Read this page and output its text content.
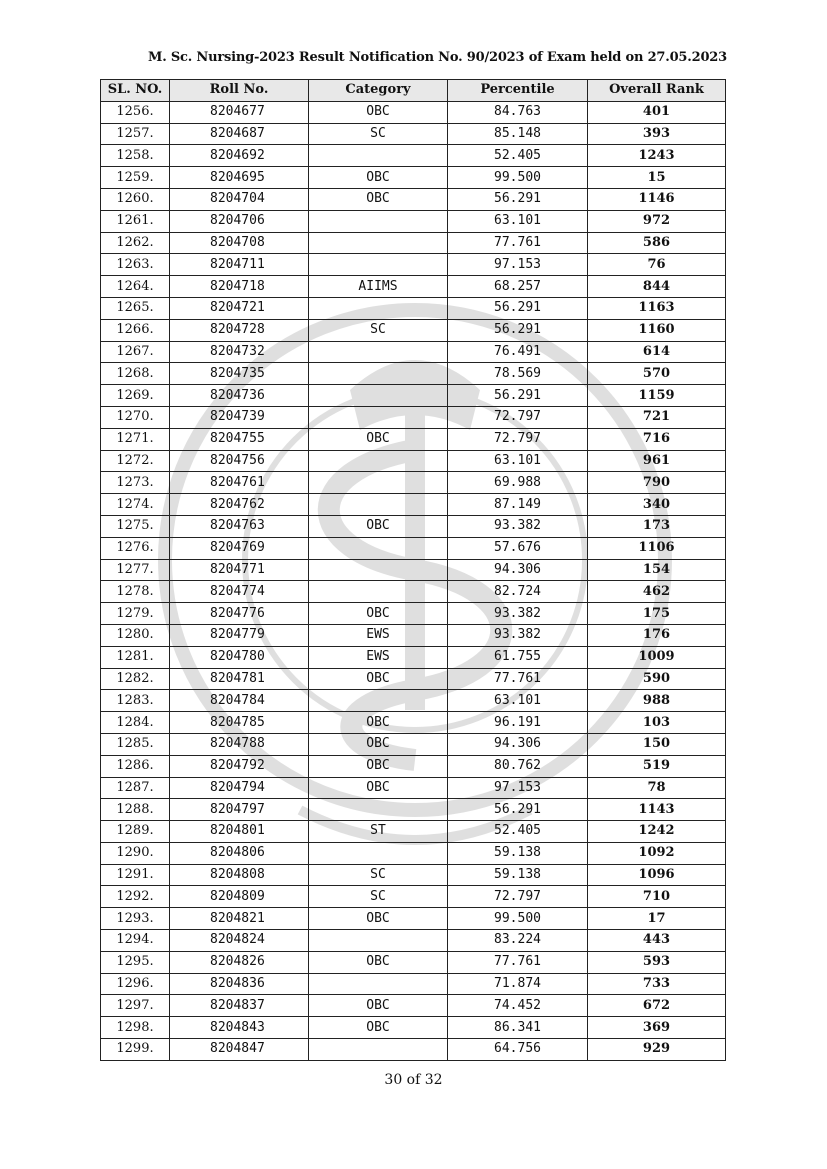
M. Sc. Nursing-2023 Result Notification No. 90/2023 of Exam held on 27.05.2023
SL. NO.	Roll No.	Category	Percentile	Overall Rank
1256.	8204677	OBC	84.763	401
1257.	8204687	SC	85.148	393
1258.	8204692		52.405	1243
1259.	8204695	OBC	99.500	15
1260.	8204704	OBC	56.291	1146
1261.	8204706		63.101	972
1262.	8204708		77.761	586
1263.	8204711		97.153	76
1264.	8204718	AIIMS	68.257	844
1265.	8204721		56.291	1163
1266.	8204728	SC	56.291	1160
1267.	8204732		76.491	614
1268.	8204735		78.569	570
1269.	8204736		56.291	1159
1270.	8204739		72.797	721
1271.	8204755	OBC	72.797	716
1272.	8204756		63.101	961
1273.	8204761		69.988	790
1274.	8204762		87.149	340
1275.	8204763	OBC	93.382	173
1276.	8204769		57.676	1106
1277.	8204771		94.306	154
1278.	8204774		82.724	462
1279.	8204776	OBC	93.382	175
1280.	8204779	EWS	93.382	176
1281.	8204780	EWS	61.755	1009
1282.	8204781	OBC	77.761	590
1283.	8204784		63.101	988
1284.	8204785	OBC	96.191	103
1285.	8204788	OBC	94.306	150
1286.	8204792	OBC	80.762	519
1287.	8204794	OBC	97.153	78
1288.	8204797		56.291	1143
1289.	8204801	ST	52.405	1242
1290.	8204806		59.138	1092
1291.	8204808	SC	59.138	1096
1292.	8204809	SC	72.797	710
1293.	8204821	OBC	99.500	17
1294.	8204824		83.224	443
1295.	8204826	OBC	77.761	593
1296.	8204836		71.874	733
1297.	8204837	OBC	74.452	672
1298.	8204843	OBC	86.341	369
1299.	8204847		64.756	929
30 of 32
